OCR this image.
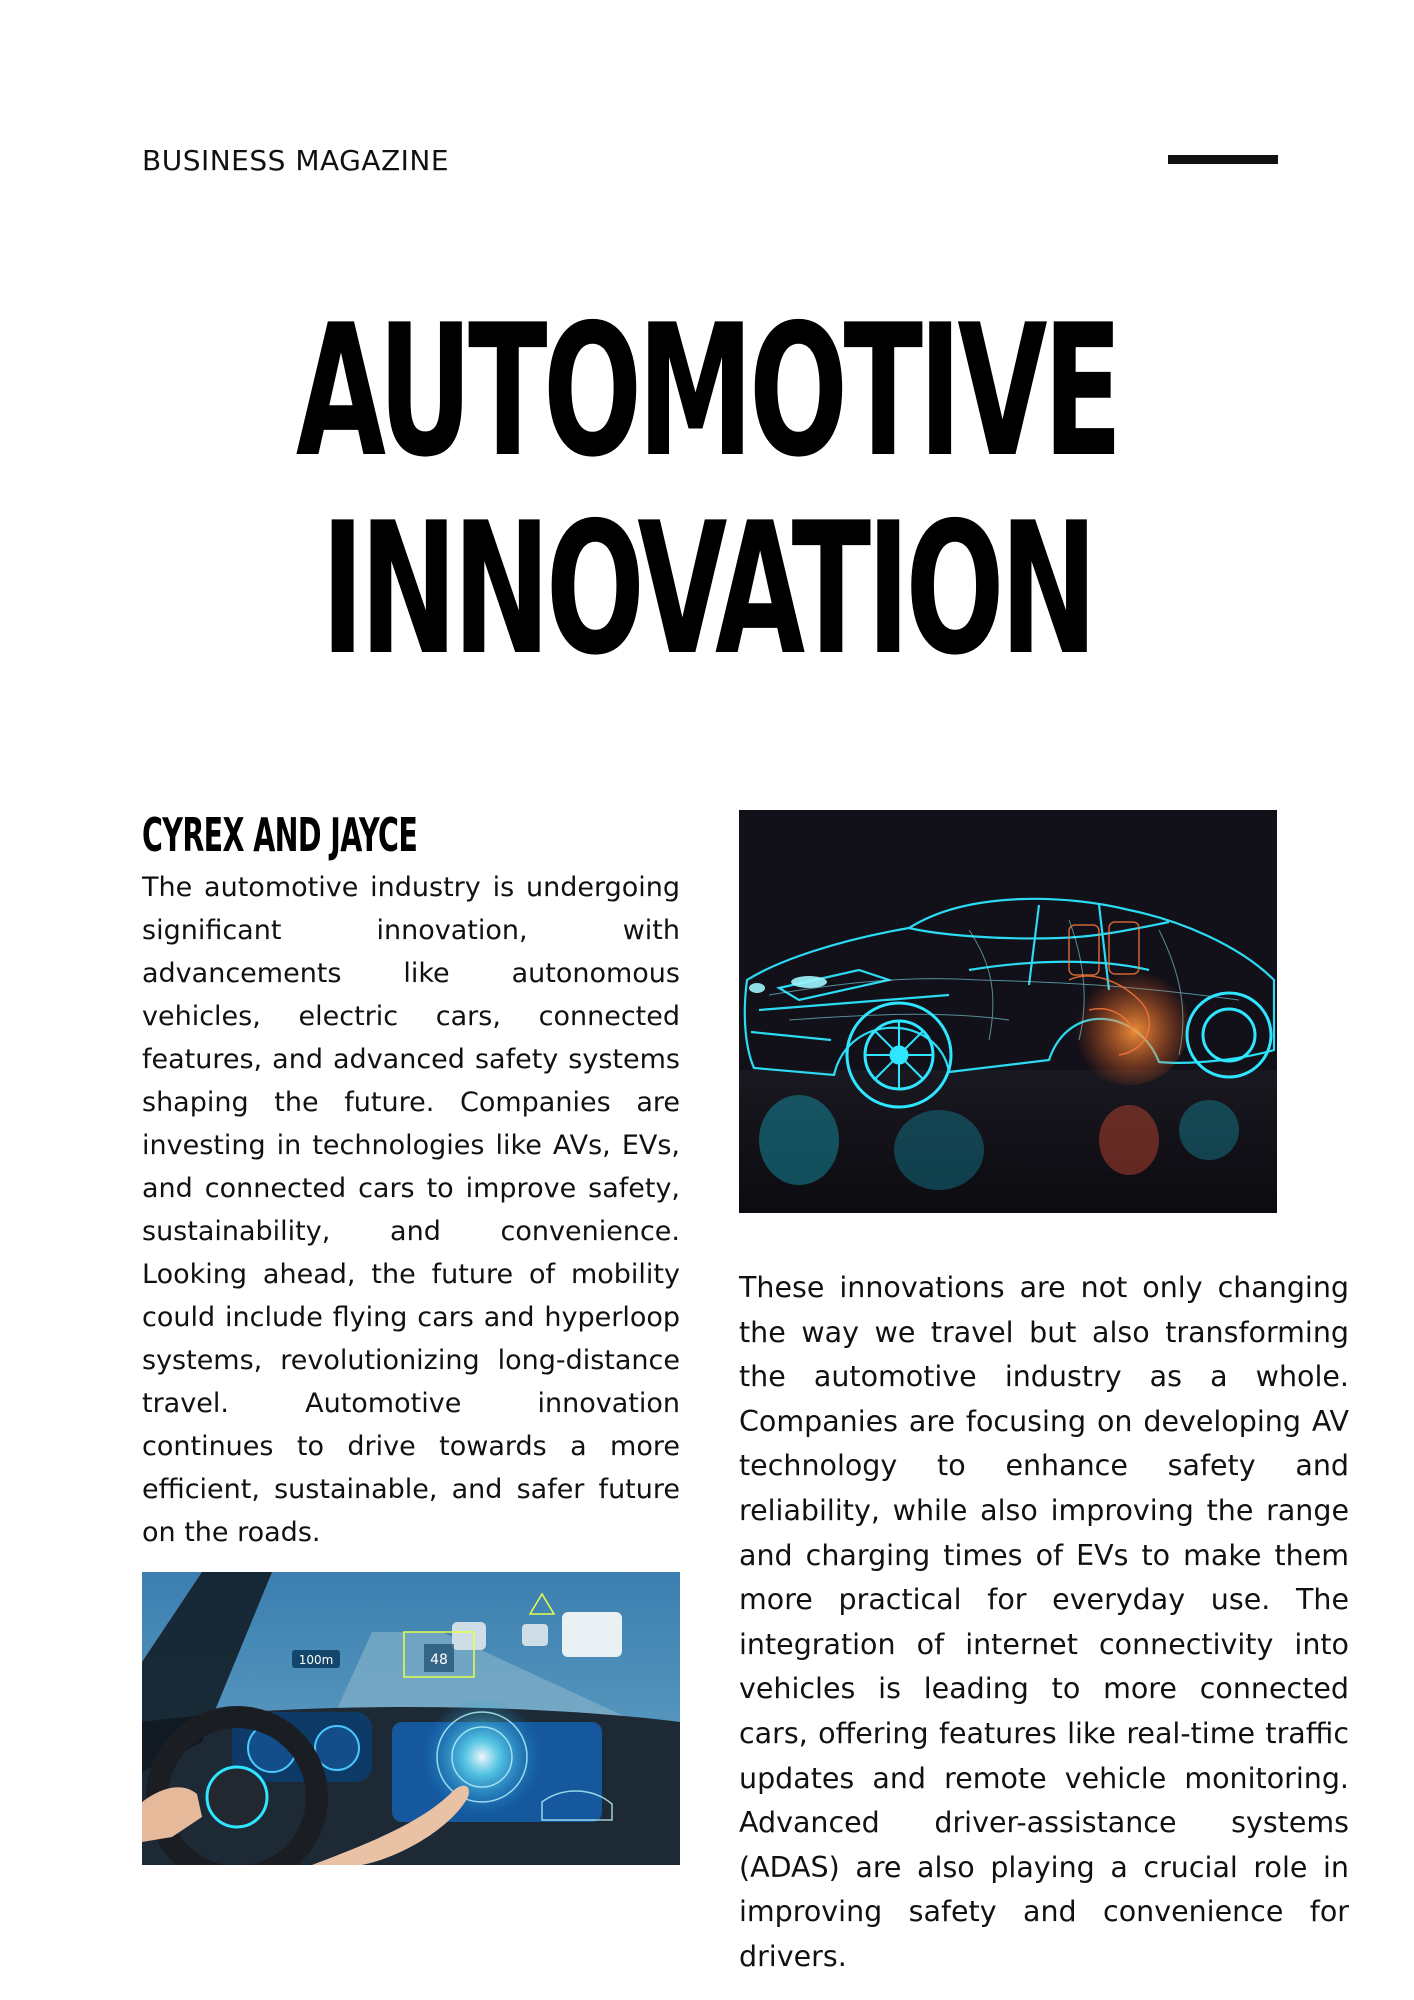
BUSINESS MAGAZINE
AUTOMOTIVE
INNOVATION
CYREX AND JAYCE

The automotive industry is undergoing significant innovation, with advancements like autonomous vehicles, electric cars, connected features, and advanced safety systems shaping the future. Companies are investing in technologies like AVs, EVs, and connected cars to improve safety, sustainability, and convenience. Looking ahead, the future of mobility could include flying cars and hyperloop systems, revolutionizing long-distance travel. Automotive innovation continues to drive towards a more efficient, sustainable, and safer future on the roads.

These innovations are not only changing the way we travel but also transforming the automotive industry as a whole. Companies are focusing on developing AV technology to enhance safety and reliability, while also improving the range and charging times of EVs to make them more practical for everyday use. The integration of internet connectivity into vehicles is leading to more connected cars, offering features like real-time traffic updates and remote vehicle monitoring. Advanced driver-assistance systems (ADAS) are also playing a crucial role in improving safety and convenience for drivers.

100m	48
